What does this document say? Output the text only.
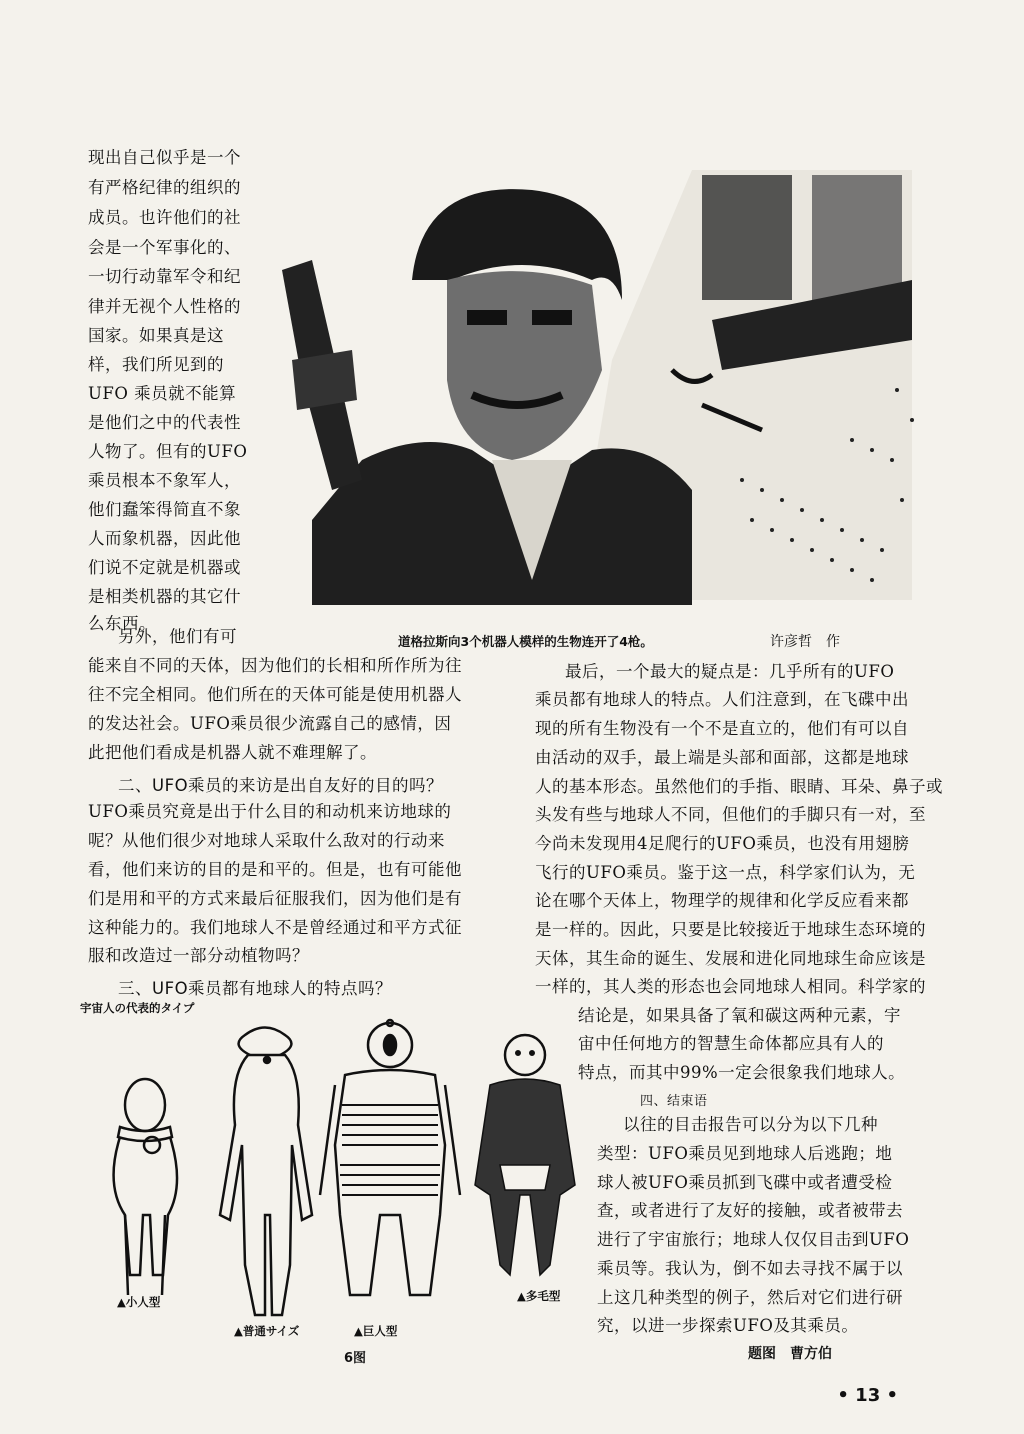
现出自己似乎是一个
有严格纪律的组织的
成员。也许他们的社
会是一个军事化的、
一切行动靠军令和纪
律并无视个人性格的
国家。如果真是这
样，我们所见到的
UFO 乘员就不能算
是他们之中的代表性
人物了。但有的UFO
乘员根本不象军人，
他们蠢笨得简直不象
人而象机器，因此他
们说不定就是机器或
是相类机器的其它什
么东西。
道格拉斯向3个机器人模样的生物连开了4枪。	许彦哲　作
另外，他们有可
能来自不同的天体，因为他们的长相和所作所为往
往不完全相同。他们所在的天体可能是使用机器人
的发达社会。UFO乘员很少流露自己的感情，因
此把他们看成是机器人就不难理解了。
二、UFO乘员的来访是出自友好的目的吗？
UFO乘员究竟是出于什么目的和动机来访地球的
呢？从他们很少对地球人采取什么敌对的行动来
看，他们来访的目的是和平的。但是，也有可能他
们是用和平的方式来最后征服我们，因为他们是有
这种能力的。我们地球人不是曾经通过和平方式征
服和改造过一部分动植物吗？
三、UFO乘员都有地球人的特点吗？
宇宙人の代表的タイプ
▲小人型
▲普通サイズ	▲巨人型
▲多毛型
6图
最后，一个最大的疑点是：几乎所有的UFO
乘员都有地球人的特点。人们注意到，在飞碟中出
现的所有生物没有一个不是直立的，他们有可以自
由活动的双手，最上端是头部和面部，这都是地球
人的基本形态。虽然他们的手指、眼睛、耳朵、鼻子或
头发有些与地球人不同，但他们的手脚只有一对，至
今尚未发现用4足爬行的UFO乘员，也没有用翅膀
飞行的UFO乘员。鉴于这一点，科学家们认为，无
论在哪个天体上，物理学的规律和化学反应看来都
是一样的。因此，只要是比较接近于地球生态环境的
天体，其生命的诞生、发展和进化同地球生命应该是
一样的，其人类的形态也会同地球人相同。科学家的
结论是，如果具备了氧和碳这两种元素，宇
宙中任何地方的智慧生命体都应具有人的
特点，而其中99%一定会很象我们地球人。
四、结束语
以往的目击报告可以分为以下几种
类型：UFO乘员见到地球人后逃跑；地
球人被UFO乘员抓到飞碟中或者遭受检
查，或者进行了友好的接触，或者被带去
进行了宇宙旅行；地球人仅仅目击到UFO
乘员等。我认为，倒不如去寻找不属于以
上这几种类型的例子，然后对它们进行研
究，以进一步探索UFO及其乘员。
题图　曹方伯
• 13 •
